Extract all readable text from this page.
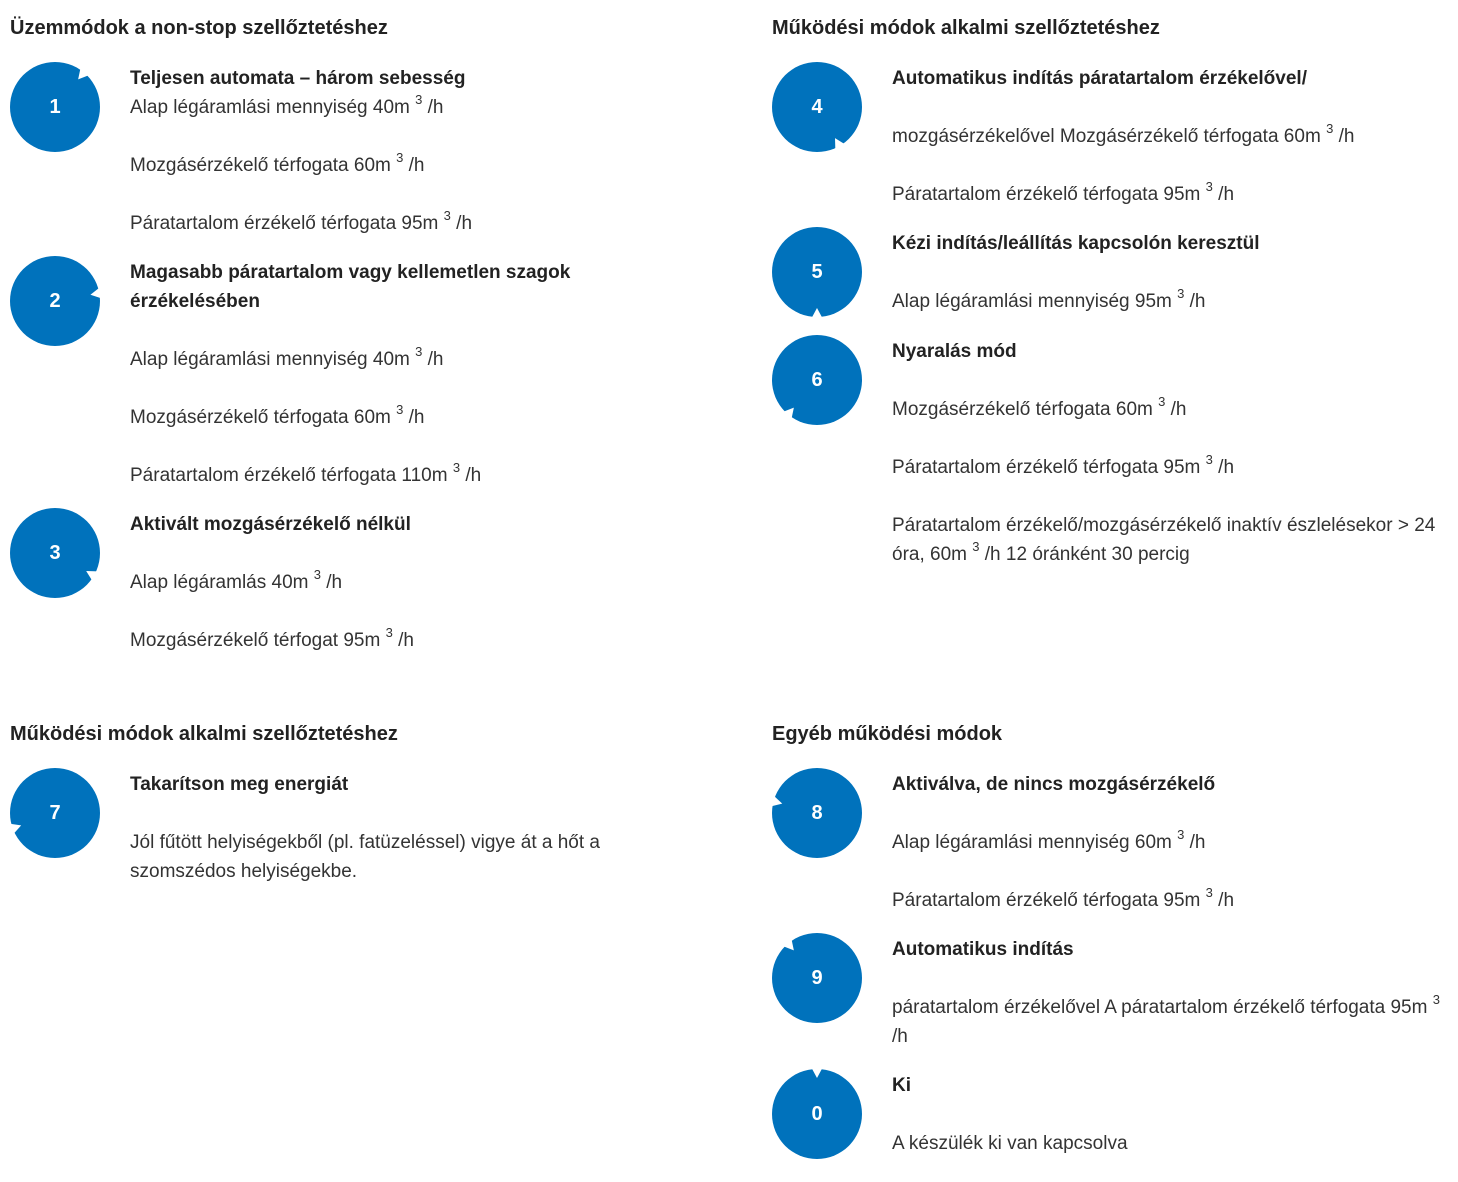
Üzemmódok a non-stop szellőztetéshez
1

Teljesen automata – három sebesség

Alap légáramlási mennyiség 40m $^3$ /h

Mozgásérzékelő térfogata 60m $^3$ /h

Páratartalom érzékelő térfogata 95m $^3$ /h

2

Magasabb páratartalom vagy kellemetlen szagok érzékelésében

Alap légáramlási mennyiség 40m $^3$ /h

Mozgásérzékelő térfogata 60m $^3$ /h

Páratartalom érzékelő térfogata 110m $^3$ /h

3

Aktivált mozgásérzékelő nélkül

Alap légáramlás 40m $^3$ /h

Mozgásérzékelő térfogat 95m $^3$ /h

Működési módok alkalmi szellőztetéshez
4

Automatikus indítás páratartalom érzékelővel/

mozgásérzékelővel Mozgásérzékelő térfogata 60m $^3$ /h

Páratartalom érzékelő térfogata 95m $^3$ /h

5

Kézi indítás/leállítás kapcsolón keresztül

Alap légáramlási mennyiség 95m $^3$ /h

6

Nyaralás mód

Mozgásérzékelő térfogata 60m $^3$ /h

Páratartalom érzékelő térfogata 95m $^3$ /h

Páratartalom érzékelő/mozgásérzékelő inaktív észlelésekor > 24 óra, 60m $^3$ /h 12 óránként 30 percig

Működési módok alkalmi szellőztetéshez
7

Takarítson meg energiát

Jól fűtött helyiségekből (pl. fatüzeléssel) vigye át a hőt a szomszédos helyiségekbe.

Egyéb működési módok
8

Aktiválva, de nincs mozgásérzékelő

Alap légáramlási mennyiség 60m $^3$ /h

Páratartalom érzékelő térfogata 95m $^3$ /h

9

Automatikus indítás

páratartalom érzékelővel A páratartalom érzékelő térfogata 95m $^3$ /h

0

Ki

A készülék ki van kapcsolva
